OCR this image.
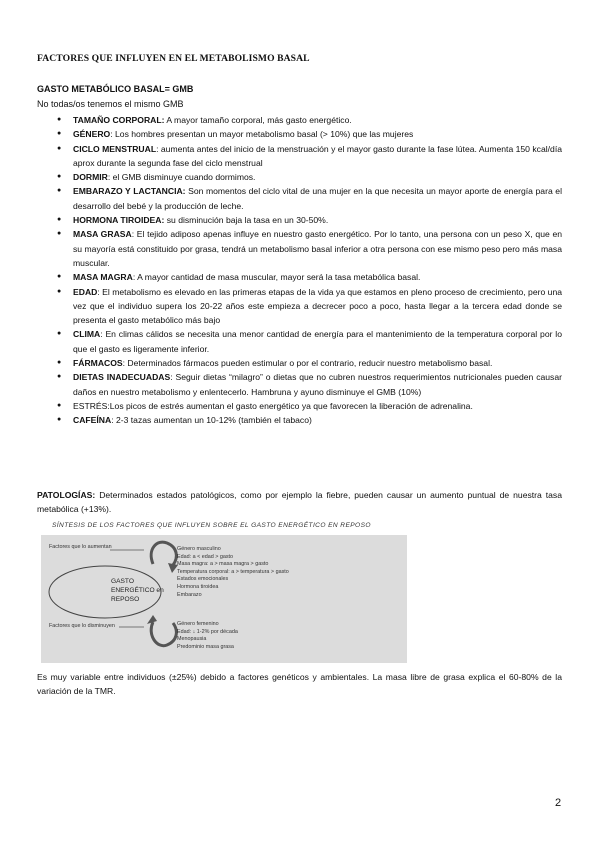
FACTORES QUE INFLUYEN EN EL METABOLISMO BASAL
GASTO METABÓLICO BASAL= GMB
No todas/os tenemos el mismo GMB
● TAMAÑO CORPORAL: A mayor tamaño corporal, más gasto energético.
● GÉNERO: Los hombres presentan un mayor metabolismo basal (> 10%) que las mujeres
● CICLO MENSTRUAL: aumenta antes del inicio de la menstruación y el mayor gasto durante la fase lútea. Aumenta 150 kcal/día aprox durante la segunda fase del ciclo menstrual
● DORMIR: el GMB disminuye cuando dormimos.
● EMBARAZO Y LACTANCIA: Son momentos del ciclo vital de una mujer en la que necesita un mayor aporte de energía para el desarrollo del bebé y la producción de leche.
● HORMONA TIROIDEA: su disminución baja la tasa en un 30-50%.
● MASA GRASA: El tejido adiposo apenas influye en nuestro gasto energético. Por lo tanto, una persona con un peso X, que en su mayoría está constituido por grasa, tendrá un metabolismo basal inferior a otra persona con ese mismo peso pero más masa muscular.
● MASA MAGRA: A mayor cantidad de masa muscular, mayor será la tasa metabólica basal.
● EDAD: El metabolismo es elevado en las primeras etapas de la vida ya que estamos en pleno proceso de crecimiento, pero una vez que el individuo supera los 20-22 años este empieza a decrecer poco a poco, hasta llegar a la tercera edad donde se presenta el gasto metabólico más bajo
● CLIMA: En climas cálidos se necesita una menor cantidad de energía para el mantenimiento de la temperatura corporal por lo que el gasto es ligeramente inferior.
● FÁRMACOS: Determinados fármacos pueden estimular o por el contrario, reducir nuestro metabolismo basal.
● DIETAS INADECUADAS: Seguir dietas “milagro” o dietas que no cubren nuestros requerimientos nutricionales pueden causar daños en nuestro metabolismo y enlentecerlo. Hambruna y ayuno disminuye el GMB (10%)
● ESTRÉS:Los picos de estrés aumentan el gasto energético ya que favorecen la liberación de adrenalina.
● CAFEÍNA: 2-3 tazas aumentan un 10-12% (también el tabaco)
PATOLOGÍAS: Determinados estados patológicos, como por ejemplo la fiebre, pueden causar un aumento puntual de nuestra tasa metabólica (+13%).
SÍNTESIS DE LOS FACTORES QUE INFLUYEN SOBRE EL GASTO ENERGÉTICO EN REPOSO
Factores que lo aumentan
Factores que lo disminuyen
GASTO
ENERGÉTICO en
REPOSO
Género masculino
Edad: a < edad > gasto
Masa magra: a > masa magra > gasto
Temperatura corporal: a > temperatura > gasto
Estados emocionales
Hormona tiroidea
Embarazo
Género femenino
Edad: ↓ 1-2% por década
Menopausia
Predominio masa grasa
Es muy variable entre individuos (±25%) debido a factores genéticos y ambientales. La masa libre de grasa explica el 60-80% de la variación de la TMR.
2
